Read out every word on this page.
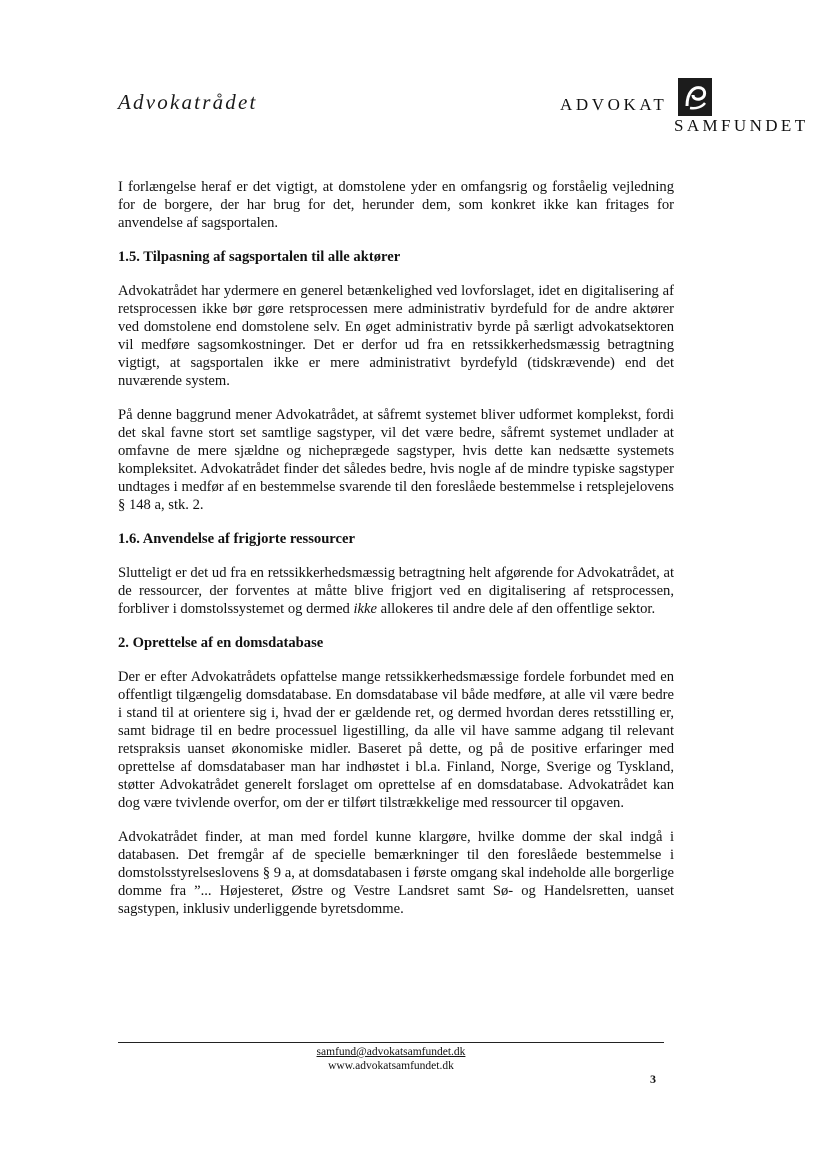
Advokatrådet	ADVOKAT
SAMFUNDET

I forlængelse heraf er det vigtigt, at domstolene yder en omfangsrig og forståelig vejledning for de borgere, der har brug for det, herunder dem, som konkret ikke kan fritages for anvendelse af sagsportalen.

1.5. Tilpasning af sagsportalen til alle aktører

Advokatrådet har ydermere en generel betænkelighed ved lovforslaget, idet en digitalisering af retsprocessen ikke bør gøre retsprocessen mere administrativ byrdefuld for de andre aktører ved domstolene end domstolene selv. En øget administrativ byrde på særligt advokatsektoren vil medføre sagsomkostninger. Det er derfor ud fra en retssikkerhedsmæssig betragtning vigtigt, at sagsportalen ikke er mere administrativt byrdefyld (tidskrævende) end det nuværende system.

På denne baggrund mener Advokatrådet, at såfremt systemet bliver udformet komplekst, fordi det skal favne stort set samtlige sagstyper, vil det være bedre, såfremt systemet undlader at omfavne de mere sjældne og nicheprægede sagstyper, hvis dette kan nedsætte systemets kompleksitet. Advokatrådet finder det således bedre, hvis nogle af de mindre typiske sagstyper undtages i medfør af en bestemmelse svarende til den foreslåede bestemmelse i retsplejelovens § 148 a, stk. 2.

1.6. Anvendelse af frigjorte ressourcer

Slutteligt er det ud fra en retssikkerhedsmæssig betragtning helt afgørende for Advokatrådet, at de ressourcer, der forventes at måtte blive frigjort ved en digitalisering af retsprocessen, forbliver i domstolssystemet og dermed ikke allokeres til andre dele af den offentlige sektor.

2. Oprettelse af en domsdatabase

Der er efter Advokatrådets opfattelse mange retssikkerhedsmæssige fordele forbundet med en offentligt tilgængelig domsdatabase. En domsdatabase vil både medføre, at alle vil være bedre i stand til at orientere sig i, hvad der er gældende ret, og dermed hvordan deres retsstilling er, samt bidrage til en bedre processuel ligestilling, da alle vil have samme adgang til relevant retspraksis uanset økonomiske midler. Baseret på dette, og på de positive erfaringer med oprettelse af domsdatabaser man har indhøstet i bl.a. Finland, Norge, Sverige og Tyskland, støtter Advokatrådet generelt forslaget om oprettelse af en domsdatabase. Advokatrådet kan dog være tvivlende overfor, om der er tilført tilstrækkelige med ressourcer til opgaven.

Advokatrådet finder, at man med fordel kunne klargøre, hvilke domme der skal indgå i databasen. Det fremgår af de specielle bemærkninger til den foreslåede bestemmelse i domstolsstyrelseslovens § 9 a, at domsdatabasen i første omgang skal indeholde alle borgerlige domme fra ”... Højesteret, Østre og Vestre Landsret samt Sø- og Handelsretten, uanset sagstypen, inklusiv underliggende byretsdomme.

samfund@advokatsamfundet.dk
www.advokatsamfundet.dk
3
